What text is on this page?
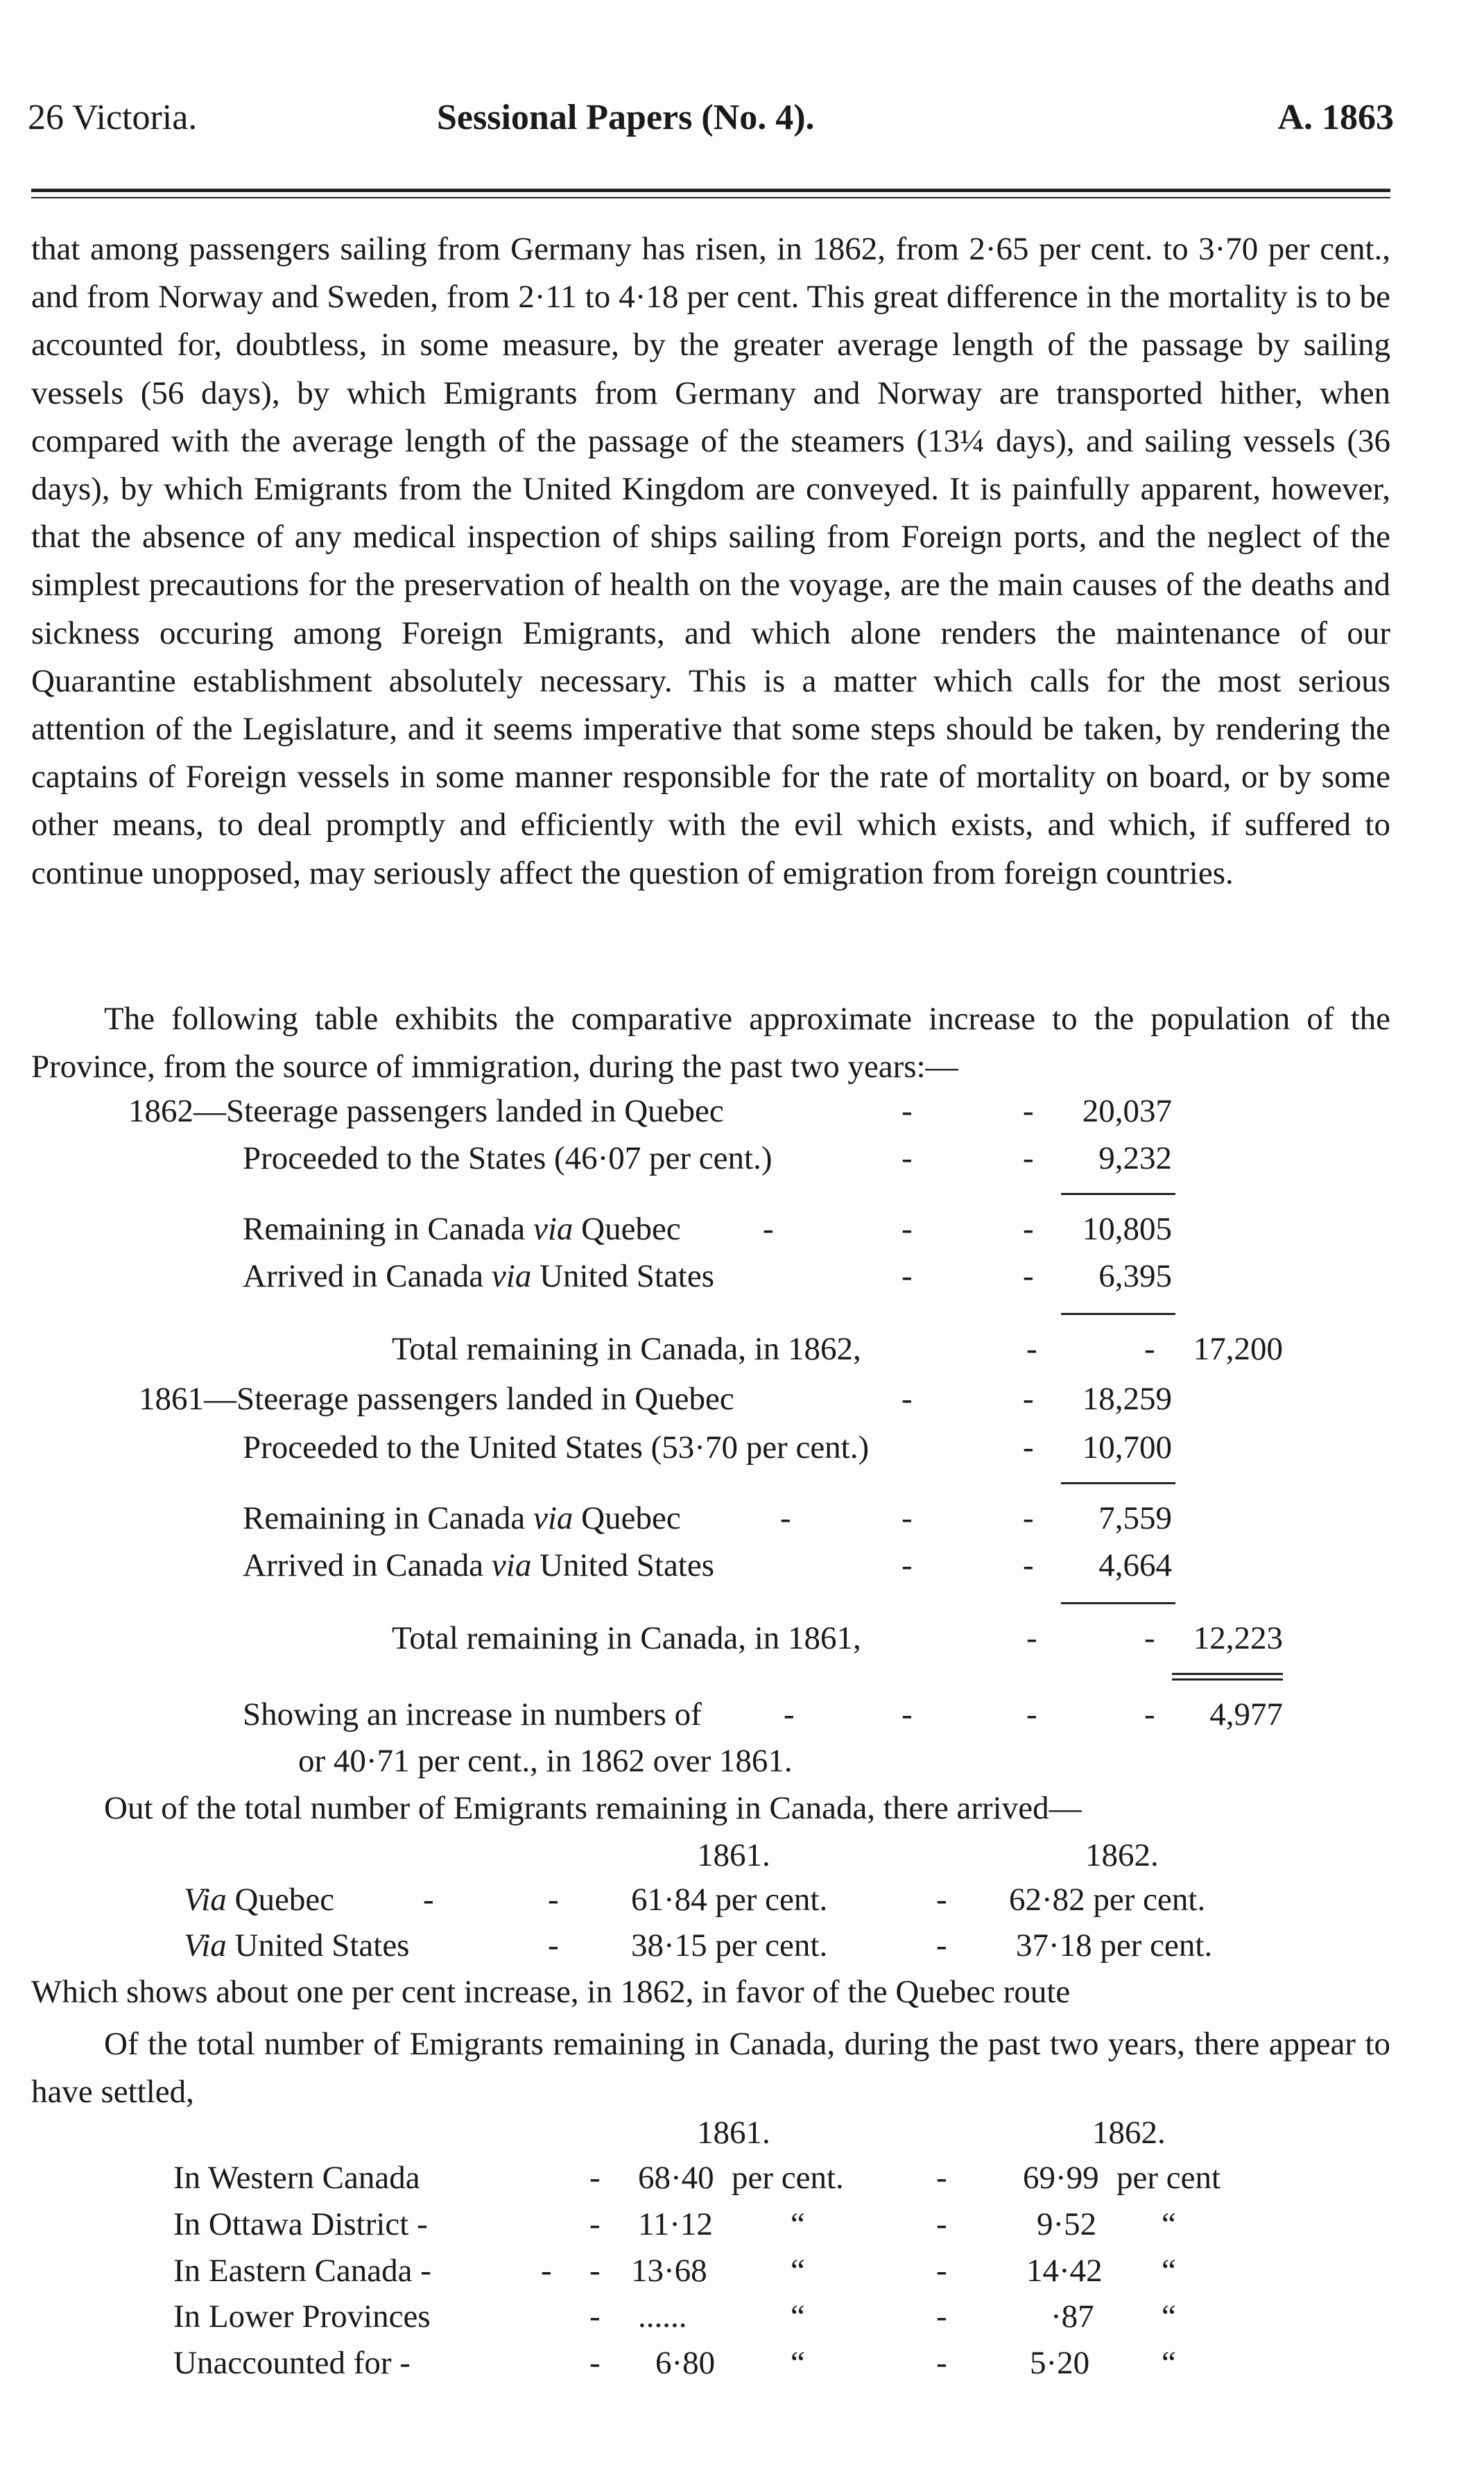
26 Victoria.	Sessional Papers (No. 4).	A. 1863

that among passengers sailing from Germany has risen, in 1862, from 2·65 per cent. to 3·70 per cent., and from Norway and Sweden, from 2·11 to 4·18 per cent. This great difference in the mortality is to be accounted for, doubtless, in some measure, by the greater average length of the passage by sailing vessels (56 days), by which Emigrants from Germany and Norway are transported hither, when compared with the average length of the passage of the steamers (13¼ days), and sailing vessels (36 days), by which Emigrants from the United Kingdom are conveyed. It is painfully apparent, however, that the absence of any medical inspection of ships sailing from Foreign ports, and the neglect of the simplest precautions for the preservation of health on the voyage, are the main causes of the deaths and sickness occuring among Foreign Emigrants, and which alone renders the maintenance of our Quarantine establishment absolutely necessary. This is a matter which calls for the most serious attention of the Legislature, and it seems imperative that some steps should be taken, by rendering the captains of Foreign vessels in some manner responsible for the rate of mortality on board, or by some other means, to deal promptly and efficiently with the evil which exists, and which, if suffered to continue unopposed, may seriously affect the question of emigration from foreign countries.

The following table exhibits the comparative approximate increase to the population of the Province, from the source of immigration, during the past two years:—

1862—Steerage passengers landed in Quebec	-	-	20,037
Proceeded to the States (46·07 per cent.)	-	-	9,232
Remaining in Canada via Quebec	-	-	-	10,805
Arrived in Canada via United States	-	-	6,395
Total remaining in Canada, in 1862,	-	-	17,200
1861—Steerage passengers landed in Quebec	-	-	18,259
Proceeded to the United States (53·70 per cent.)	-	10,700
Remaining in Canada via Quebec	-	-	-	7,559
Arrived in Canada via United States	-	-	4,664
Total remaining in Canada, in 1861,	-	-	12,223
Showing an increase in numbers of	-	-	-	-	4,977
or 40·71 per cent., in 1862 over 1861.
Out of the total number of Emigrants remaining in Canada, there arrived—
1861.	1862.
Via Quebec	-	- 61·84 per cent.	- 62·82 per cent.
Via United States	- 38·15 per cent.	- 37·18 per cent.
Which shows about one per cent increase, in 1862, in favor of the Quebec route

Of the total number of Emigrants remaining in Canada, during the past two years, there appear to have settled,

1861.	1862.
In Western Canada	- 68·40 per cent.	- 69·99 per cent
In Ottawa District -	- 11·12 “	-	9·52 “
In Eastern Canada -	- - 13·68	“	- 14·42 “
In Lower Provinces	- ......	“	-	·87 “
Unaccounted for -	- 6·80 “	-	5·20 “
